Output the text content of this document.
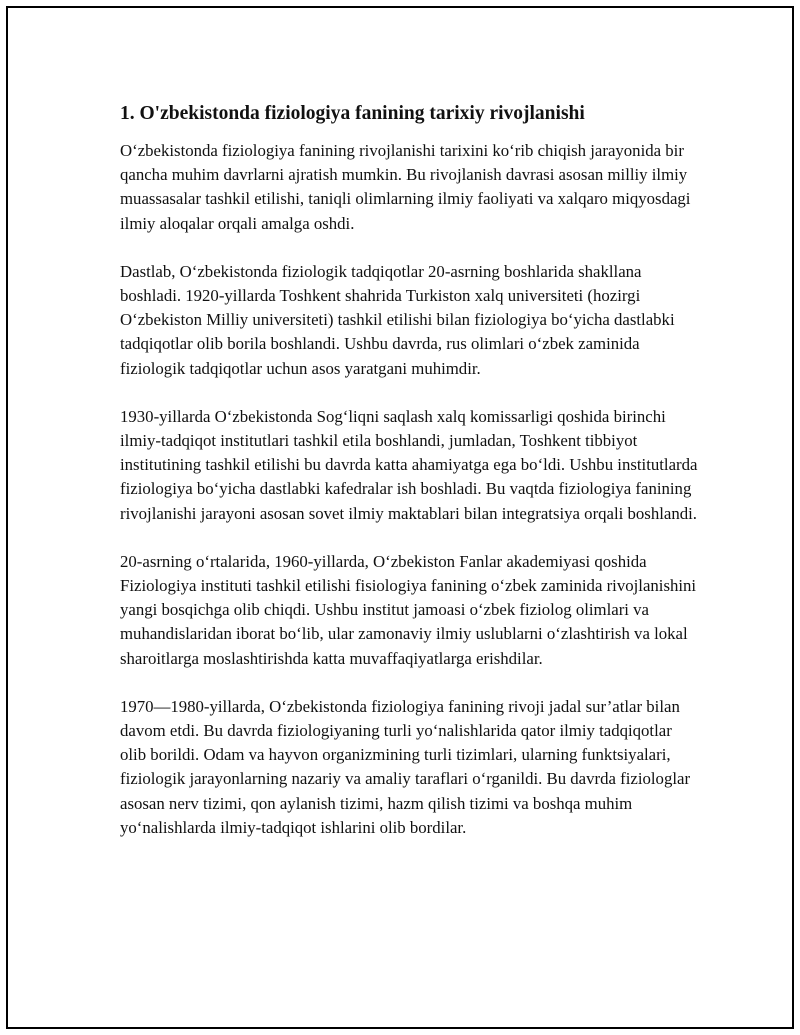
1. O'zbekistonda fiziologiya fanining tarixiy rivojlanishi

O‘zbekistonda fiziologiya fanining rivojlanishi tarixini ko‘rib chiqish jarayonida bir qancha muhim davrlarni ajratish mumkin. Bu rivojlanish davrasi asosan milliy ilmiy muassasalar tashkil etilishi, taniqli olimlarning ilmiy faoliyati va xalqaro miqyosdagi ilmiy aloqalar orqali amalga oshdi.

Dastlab, O‘zbekistonda fiziologik tadqiqotlar 20-asrning boshlarida shakllana boshladi. 1920-yillarda Toshkent shahrida Turkiston xalq universiteti (hozirgi O‘zbekiston Milliy universiteti) tashkil etilishi bilan fiziologiya bo‘yicha dastlabki tadqiqotlar olib borila boshlandi. Ushbu davrda, rus olimlari o‘zbek zaminida fiziologik tadqiqotlar uchun asos yaratgani muhimdir.

1930-yillarda O‘zbekistonda Sog‘liqni saqlash xalq komissarligi qoshida birinchi ilmiy-tadqiqot institutlari tashkil etila boshlandi, jumladan, Toshkent tibbiyot institutining tashkil etilishi bu davrda katta ahamiyatga ega bo‘ldi. Ushbu institutlarda fiziologiya bo‘yicha dastlabki kafedralar ish boshladi. Bu vaqtda fiziologiya fanining rivojlanishi jarayoni asosan sovet ilmiy maktablari bilan integratsiya orqali boshlandi.

20-asrning o‘rtalarida, 1960-yillarda, O‘zbekiston Fanlar akademiyasi qoshida Fiziologiya instituti tashkil etilishi fisiologiya fanining o‘zbek zaminida rivojlanishini yangi bosqichga olib chiqdi. Ushbu institut jamoasi o‘zbek fiziolog olimlari va muhandislaridan iborat bo‘lib, ular zamonaviy ilmiy uslublarni o‘zlashtirish va lokal sharoitlarga moslashtirishda katta muvaffaqiyatlarga erishdilar.

1970—1980-yillarda, O‘zbekistonda fiziologiya fanining rivoji jadal sur’atlar bilan davom etdi. Bu davrda fiziologiyaning turli yo‘nalishlarida qator ilmiy tadqiqotlar olib borildi. Odam va hayvon organizmining turli tizimlari, ularning funktsiyalari, fiziologik jarayonlarning nazariy va amaliy taraflari o‘rganildi. Bu davrda fiziologlar asosan nerv tizimi, qon aylanish tizimi, hazm qilish tizimi va boshqa muhim yo‘nalishlarda ilmiy-tadqiqot ishlarini olib bordilar.
